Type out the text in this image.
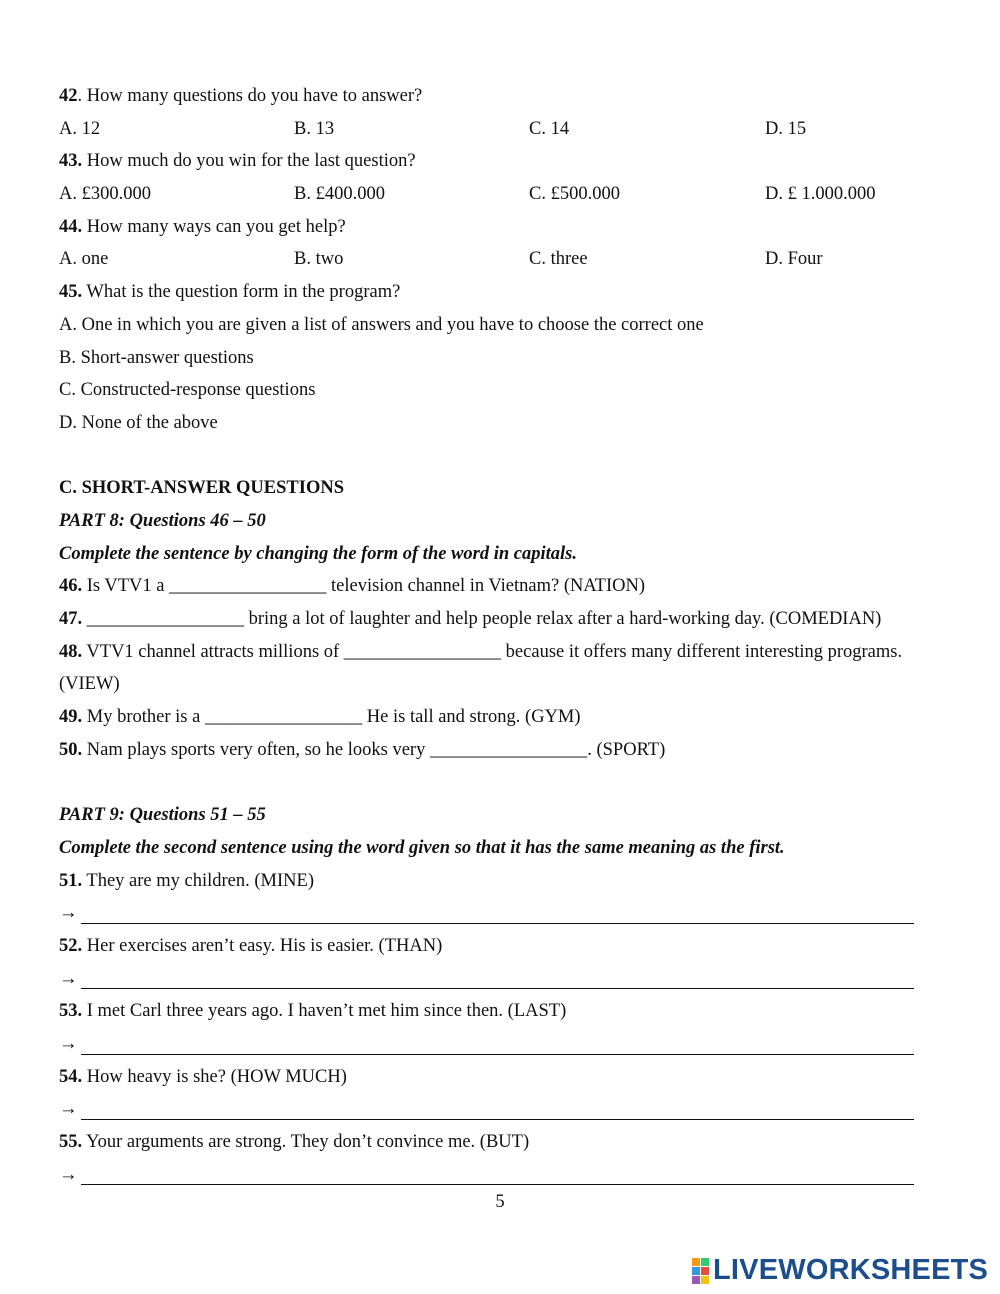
42. How many questions do you have to answer?
A. 12	B. 13	C. 14	D. 15
43. How much do you win for the last question?
A. £300.000	B. £400.000	C. £500.000	D. £ 1.000.000
44. How many ways can you get help?
A. one	B. two	C. three	D. Four
45. What is the question form in the program?
A. One in which you are given a list of answers and you have to choose the correct one
B. Short-answer questions
C. Constructed-response questions
D. None of the above
C. SHORT-ANSWER QUESTIONS
PART 8: Questions 46 – 50
Complete the sentence by changing the form of the word in capitals.
46. Is VTV1 a _________________ television channel in Vietnam? (NATION)
47. _________________ bring a lot of laughter and help people relax after a hard-working day. (COMEDIAN)
48. VTV1 channel attracts millions of _________________ because it offers many different interesting programs.
(VIEW)
49. My brother is a _________________ He is tall and strong. (GYM)
50. Nam plays sports very often, so he looks very _________________. (SPORT)
PART 9: Questions 51 – 55
Complete the second sentence using the word given so that it has the same meaning as the first.
51. They are my children. (MINE)
→
52. Her exercises aren’t easy. His is easier. (THAN)
→
53. I met Carl three years ago. I haven’t met him since then. (LAST)
→
54. How heavy is she? (HOW MUCH)
→
55. Your arguments are strong. They don’t convince me. (BUT)
→
5
LIVEWORKSHEETS
